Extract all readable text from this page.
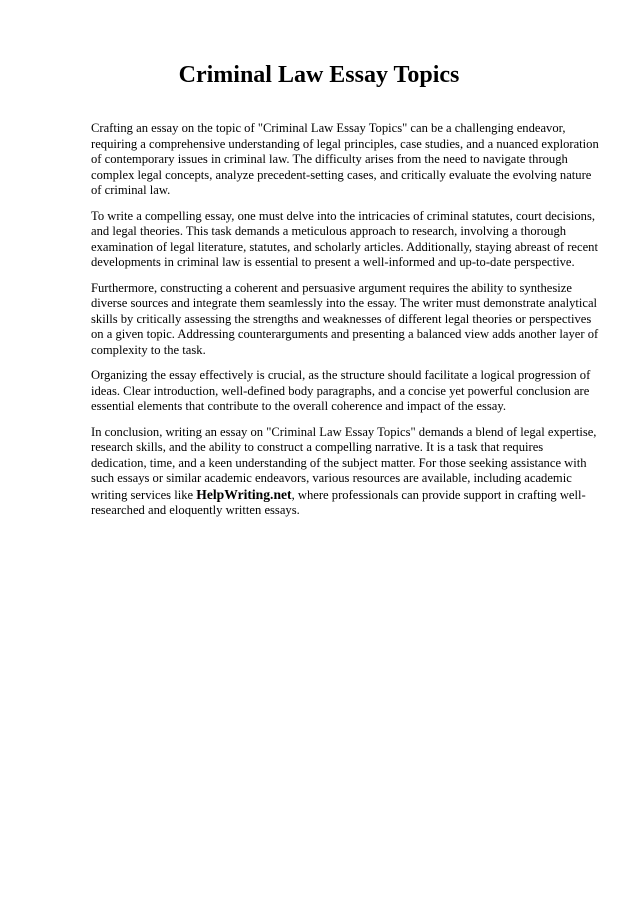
Criminal Law Essay Topics

Crafting an essay on the topic of "Criminal Law Essay Topics" can be a challenging endeavor, requiring a comprehensive understanding of legal principles, case studies, and a nuanced exploration of contemporary issues in criminal law. The difficulty arises from the need to navigate through complex legal concepts, analyze precedent-setting cases, and critically evaluate the evolving nature of criminal law.

To write a compelling essay, one must delve into the intricacies of criminal statutes, court decisions, and legal theories. This task demands a meticulous approach to research, involving a thorough examination of legal literature, statutes, and scholarly articles. Additionally, staying abreast of recent developments in criminal law is essential to present a well-informed and up-to-date perspective.

Furthermore, constructing a coherent and persuasive argument requires the ability to synthesize diverse sources and integrate them seamlessly into the essay. The writer must demonstrate analytical skills by critically assessing the strengths and weaknesses of different legal theories or perspectives on a given topic. Addressing counterarguments and presenting a balanced view adds another layer of complexity to the task.

Organizing the essay effectively is crucial, as the structure should facilitate a logical progression of ideas. Clear introduction, well-defined body paragraphs, and a concise yet powerful conclusion are essential elements that contribute to the overall coherence and impact of the essay.

In conclusion, writing an essay on "Criminal Law Essay Topics" demands a blend of legal expertise, research skills, and the ability to construct a compelling narrative. It is a task that requires dedication, time, and a keen understanding of the subject matter. For those seeking assistance with such essays or similar academic endeavors, various resources are available, including academic writing services like HelpWriting.net, where professionals can provide support in crafting well-researched and eloquently written essays.
